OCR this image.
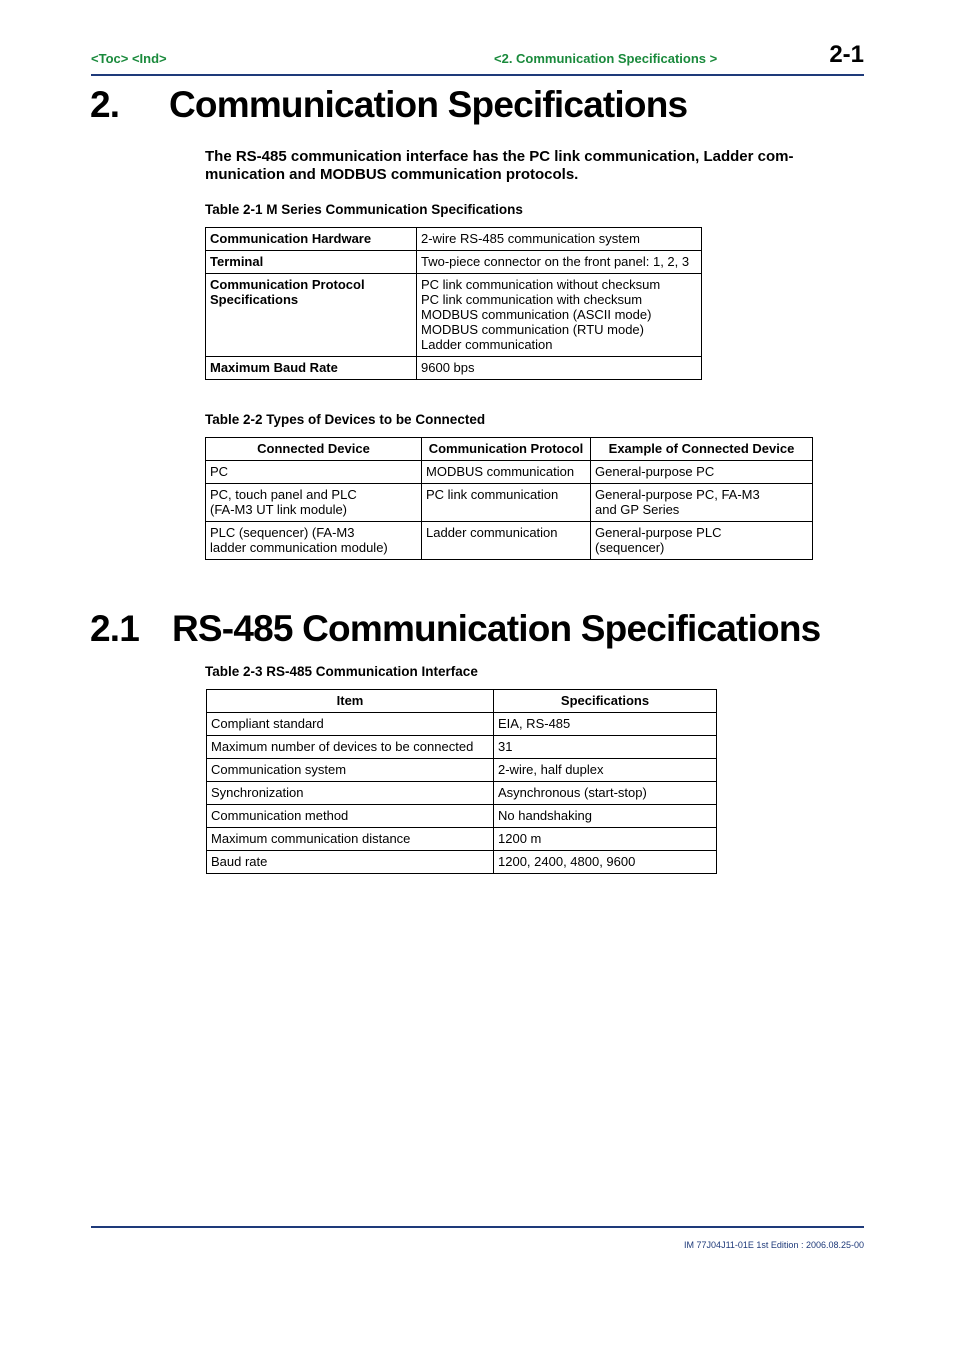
<Toc> <Ind>	<2. Communication Specifications >	2-1
2. Communication Specifications

The RS-485 communication interface has the PC link communication, Ladder com-munication and MODBUS communication protocols.

Table 2-1 M Series Communication Specifications
Communication Hardware	2-wire RS-485 communication system
Terminal	Two-piece connector on the front panel: 1, 2, 3

Communication Protocol
Specifications	PC link communication without checksum
PC link communication with checksum
MODBUS communication (ASCII mode)
MODBUS communication (RTU mode)
Ladder communication

Maximum Baud Rate	9600 bps
Table 2-2 Types of Devices to be Connected
Connected Device	Communication Protocol	Example of Connected Device
PC	MODBUS communication	General-purpose PC

PC, touch panel and PLC
(FA-M3 UT link module)	PC link communication	General-purpose PC, FA-M3
and GP Series

PLC (sequencer) (FA-M3
ladder communication module)	Ladder communication	General-purpose PLC
(sequencer)
2.1 RS-485 Communication Specifications
Table 2-3 RS-485 Communication Interface
Item	Specifications
Compliant standard	EIA, RS-485
Maximum number of devices to be connected	31
Communication system	2-wire, half duplex
Synchronization	Asynchronous (start-stop)
Communication method	No handshaking
Maximum communication distance	1200 m
Baud rate	1200, 2400, 4800, 9600
IM 77J04J11-01E 1st Edition : 2006.08.25-00
